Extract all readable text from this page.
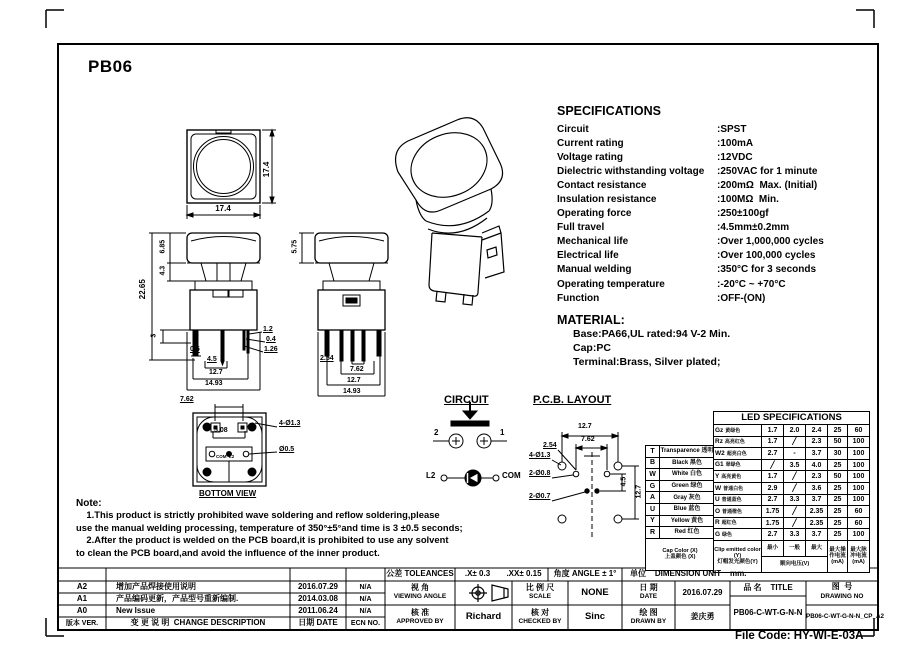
PB06
SPECIFICATIONS
Circuit	:SPST
Current rating	:100mA
Voltage rating	:12VDC
Dielectric withstanding voltage	:250VAC for 1 minute
Contact resistance	:200mΩ  Max. (Initial)
Insulation resistance	:100MΩ  Min.
Operating force	:250±100gf
Full travel	:4.5mm±0.2mm
Mechanical life	:Over 1,000,000 cycles
Electrical life	:Over 100,000 cycles
Manual welding	:350°C for 3 seconds
Operating temperature	:-20°C ~ +70°C
Function	:OFF-(ON)
MATERIAL:
Base:PA66,UL rated:94 V-2 Min.
Cap:PC
Terminal:Brass, Silver plated;
CIRCUIT	P.C.B. LAYOUT
17.4
17.4
22.65
6.85
4.3
3
1.2
0.4
1.26
0.5
4.5
12.7
14.93
5.75
2.54
7.62
12.7
14.93
7.62
5.08
4-Ø1.3
Ø0.5
COM  L2
BOTTOM VIEW
2	1
L2	COM
12.7
7.62
2.54
4-Ø1.3
2-Ø0.8
2-Ø0.7
4.5
12.7
Note:
1.This product is strictly prohibited wave soldering and reflow soldering,please
use the manual welding processing, temperature of 350°±5°and time is 3 ±0.5 seconds;
2.After the product is welded on the PCB board,it is prohibited to use any solvent
to clean the PCB board,and avoid the influence of the inner product.
T	Transparence 透明
B	Black 黑色
W	White 白色
G	Green 绿色
A	Gray 灰色
U	Blue 蓝色
Y	Yellow 黄色
R	Red 红色

Cap Color (X)
上盖颜色 (X)	
LED SPECIFICATIONS					
Gz 黄绿色	1.7	2.0	2.4	25	60
Rz 高亮红色	1.7	╱	2.3	50	100
W2 超亮白色	2.7	-	3.7	30	100
G1 翠绿色	╱	3.5	4.0	25	100
Y 高亮黄色	1.7	╱	2.3	50	100
W 普通白色	2.9	╱	3.6	25	100
U 普通蓝色	2.7	3.3	3.7	25	100
O 普通橙色	1.75	╱	2.35	25	60
R 超红色	1.75	╱	2.35	25	60
G 绿色	2.7	3.3	3.7	25	100

Clip emitted color (Y)
灯帽发光颜色(Y)	最小	一般	最大	最大操作电流 (mA)	最大脉冲电流 (mA)
	顺向电压(V)				
A2	增加产品焊接使用说明	2016.07.29	N/A
A1	产品编码更新，产品型号重新编制.	2014.03.08	N/A
A0	New Issue	2011.06.24	N/A
版本 VER.	变 更 说 明  CHANGE DESCRIPTION	日期 DATE	ECN NO.
公差 TOLEANCES	.X± 0.3	.XX± 0.15	角度 ANGLE ± 1°	单位    DIMENSION UNIT    mm.
视 角
VIEWING ANGLE
比 例 尺
SCALE	NONE	日 期
DATE	2016.07.29
品 名    TITLE	图  号
DRAWING NO
核 准
APPROVED BY	Richard	核 对
CHECKED BY	Sinc	绘 图
DRAWN BY
姜庆勇	PB06-C-WT-G-N-N PB06-C-WT-G-N-N_CP_A2
File Code: HY-WI-E-03A
